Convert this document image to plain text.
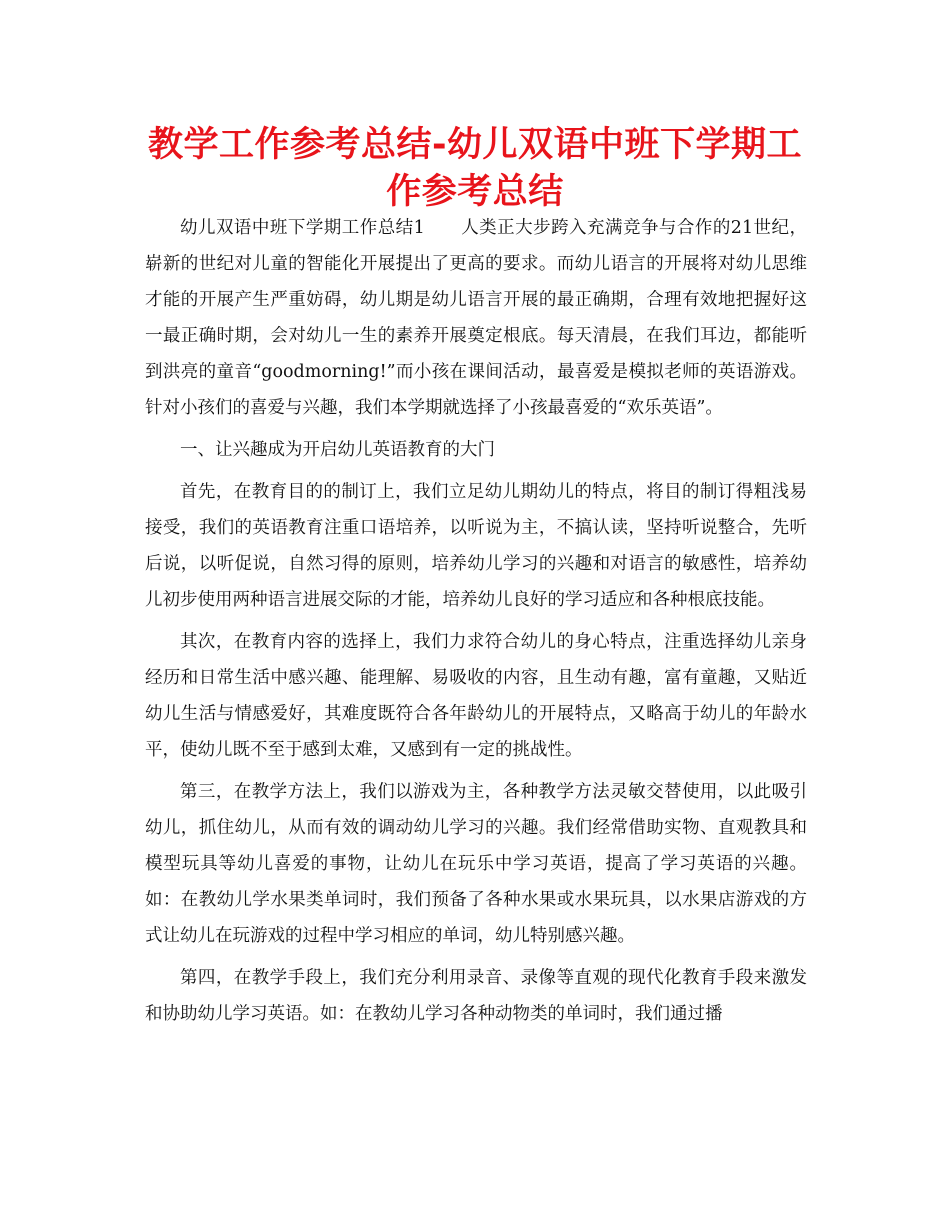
教学工作参考总结-幼儿双语中班下学期工作参考总结

幼儿双语中班下学期工作总结1　　人类正大步跨入充满竞争与合作的21世纪，崭新的世纪对儿童的智能化开展提出了更高的要求。而幼儿语言的开展将对幼儿思维才能的开展产生严重妨碍，幼儿期是幼儿语言开展的最正确期，合理有效地把握好这一最正确时期，会对幼儿一生的素养开展奠定根底。每天清晨，在我们耳边，都能听到洪亮的童音“goodmorning!”而小孩在课间活动，最喜爱是模拟老师的英语游戏。针对小孩们的喜爱与兴趣，我们本学期就选择了小孩最喜爱的“欢乐英语”。

一、让兴趣成为开启幼儿英语教育的大门

首先，在教育目的的制订上，我们立足幼儿期幼儿的特点，将目的制订得粗浅易接受，我们的英语教育注重口语培养，以听说为主，不搞认读，坚持听说整合，先听后说，以听促说，自然习得的原则，培养幼儿学习的兴趣和对语言的敏感性，培养幼儿初步使用两种语言进展交际的才能，培养幼儿良好的学习适应和各种根底技能。

其次，在教育内容的选择上，我们力求符合幼儿的身心特点，注重选择幼儿亲身经历和日常生活中感兴趣、能理解、易吸收的内容，且生动有趣，富有童趣，又贴近幼儿生活与情感爱好，其难度既符合各年龄幼儿的开展特点，又略高于幼儿的年龄水平，使幼儿既不至于感到太难，又感到有一定的挑战性。

第三，在教学方法上，我们以游戏为主，各种教学方法灵敏交替使用，以此吸引幼儿，抓住幼儿，从而有效的调动幼儿学习的兴趣。我们经常借助实物、直观教具和模型玩具等幼儿喜爱的事物，让幼儿在玩乐中学习英语，提高了学习英语的兴趣。如：在教幼儿学水果类单词时，我们预备了各种水果或水果玩具，以水果店游戏的方式让幼儿在玩游戏的过程中学习相应的单词，幼儿特别感兴趣。

第四，在教学手段上，我们充分利用录音、录像等直观的现代化教育手段来激发和协助幼儿学习英语。如：在教幼儿学习各种动物类的单词时，我们通过播
